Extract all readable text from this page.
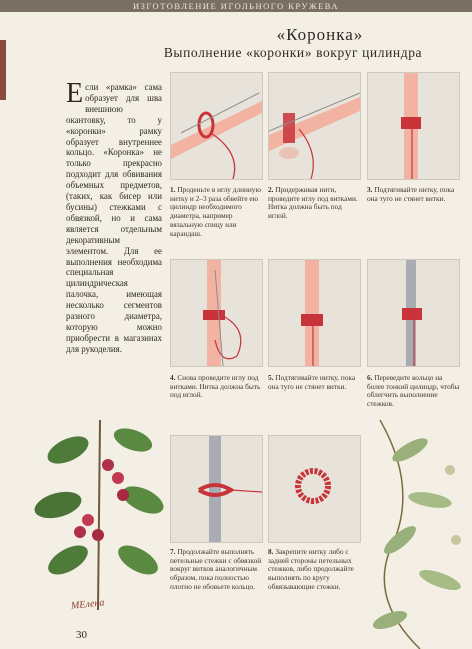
ИЗГОТОВЛЕНИЕ ИГОЛЬНОГО КРУЖЕВА
«Коронка»
Выполнение «коронки» вокруг цилиндра

Если «рамка» сама образует для шва внешнюю окантовку, то у «коронки» рамку образует внутреннее кольцо. «Коронка» не только прекрасно подходит для обвивания объемных предметов, (таких, как бисер или бусины) стежками с обвязкой, но и сама является отдельным декоративным элементом. Для ее выполнения необходима специальная цилиндрическая палочка, имеющая несколько сегментов разного диаметра, которую можно приобрести в магазинах для рукоделия.

1. Проденьте в иглу длинную нитку и 2–3 раза обвейте ею цилиндр необходимого диаметра, например вязальную спицу или карандаш.

2. Придерживая нити, проведите иглу под витками. Нитка должна быть под иглой.

3. Подтягивайте нитку, пока она туго не стянет витки.

4. Снова проведите иглу под витками. Нитка должна быть под иглой.

5. Подтягивайте нитку, пока она туго не стянет витки.

6. Переведите кольцо на более тонкий цилиндр, чтобы облегчить выполнение стежков.

7. Продолжайте выполнять петельные стежки с обвязкой вокруг витков аналогичным образом, пока полностью плотно не обовьете кольцо.

8. Закрепите нитку либо с задней стороны петельных стежков, либо продолжайте выполнять по кругу обвязывающие стежки.

МЕлена
30
